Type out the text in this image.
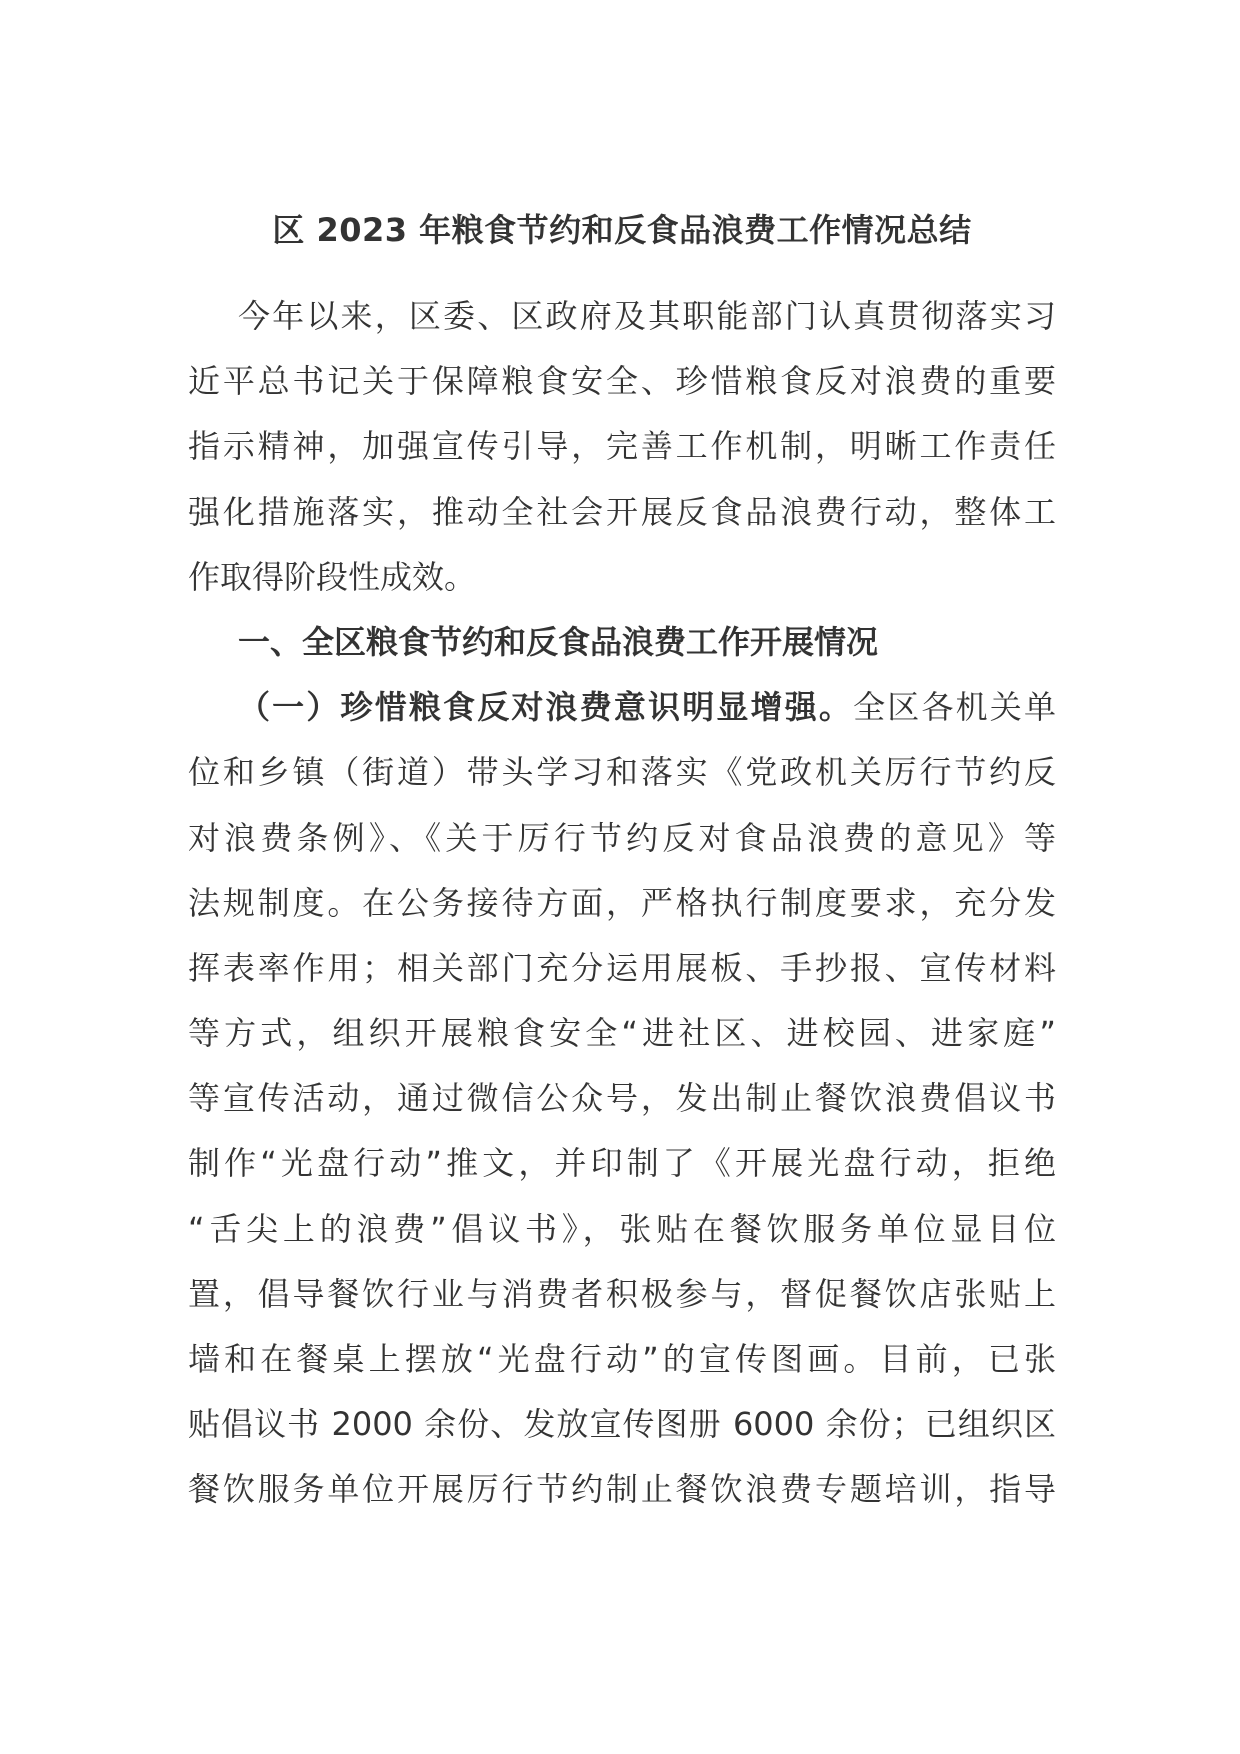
区 2023 年粮食节约和反食品浪费工作情况总结
今年以来，区委、区政府及其职能部门认真贯彻落实习
近平总书记关于保障粮食安全、珍惜粮食反对浪费的重要
指示精神，加强宣传引导，完善工作机制，明晰工作责任
强化措施落实，推动全社会开展反食品浪费行动，整体工
作取得阶段性成效。
一、全区粮食节约和反食品浪费工作开展情况
（一）珍惜粮食反对浪费意识明显增强。全区各机关单
位和乡镇（街道）带头学习和落实《党政机关厉行节约反
对浪费条例》、《关于厉行节约反对食品浪费的意见》等
法规制度。在公务接待方面，严格执行制度要求，充分发
挥表率作用；相关部门充分运用展板、手抄报、宣传材料
等方式，组织开展粮食安全“进社区、进校园、进家庭”
等宣传活动，通过微信公众号，发出制止餐饮浪费倡议书
制作“光盘行动”推文，并印制了《开展光盘行动，拒绝
“舌尖上的浪费”倡议书》，张贴在餐饮服务单位显目位
置，倡导餐饮行业与消费者积极参与，督促餐饮店张贴上
墙和在餐桌上摆放“光盘行动”的宣传图画。目前，已张
贴倡议书 2000 余份、发放宣传图册 6000 余份；已组织区
餐饮服务单位开展厉行节约制止餐饮浪费专题培训，指导
